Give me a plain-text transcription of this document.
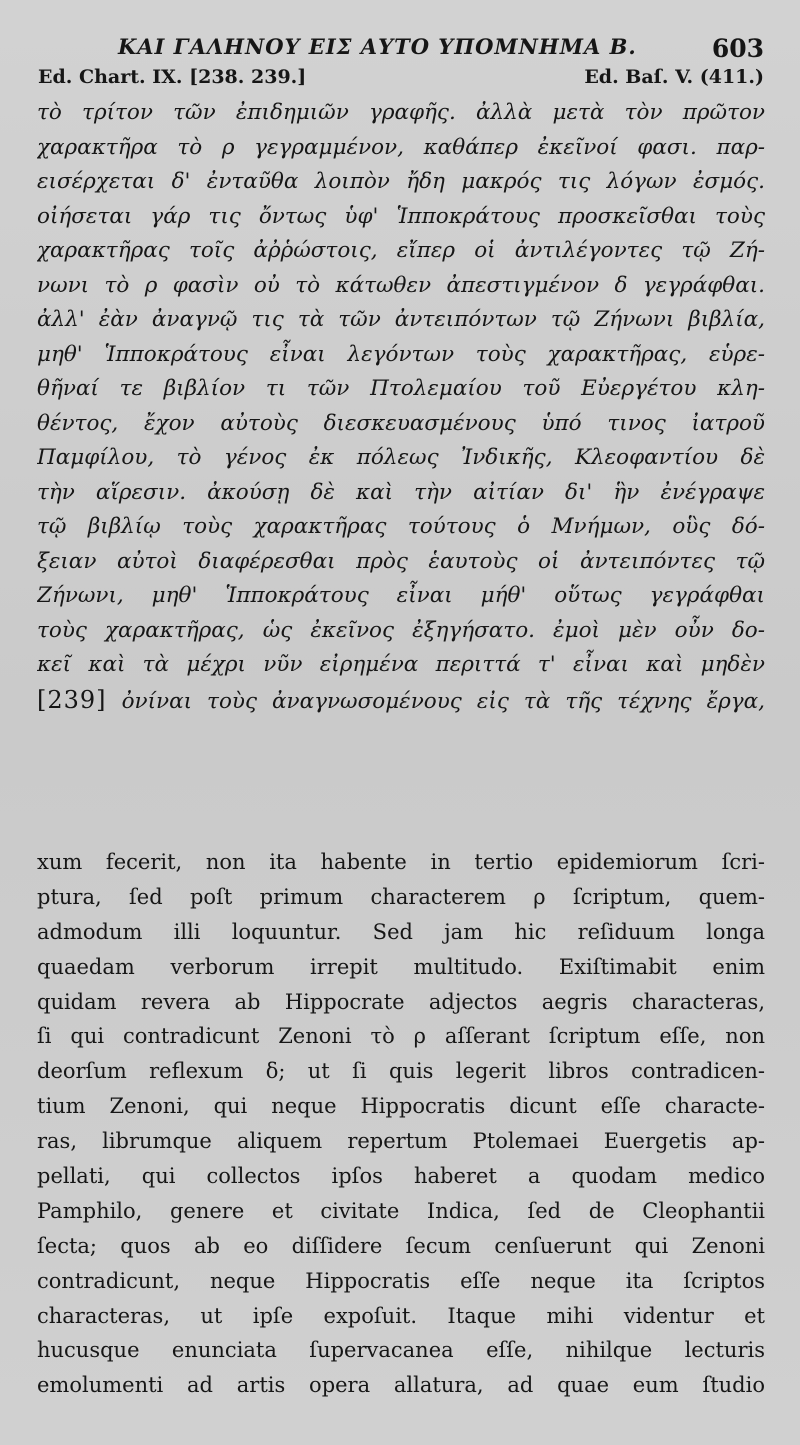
ΚΑΙ ΓΑΛΗΝΟΥ ΕΙΣ ΑΥΤΟ ΥΠΟΜΝΗΜΑ Β.	603
Ed. Chart. IX. [238. 239.]	Ed. Baſ. V. (411.)
τὸ τρίτον τῶν ἐπιδημιῶν γραφῆς. ἀλλὰ μετὰ τὸν πρῶτον
χαρακτῆρα τὸ ρ γεγραμμένον, καθάπερ ἐκεῖνοί φασι. παρ-
εισέρχεται δ' ἐνταῦθα λοιπὸν ἤδη μακρός τις λόγων ἐσμός.
οἰήσεται γάρ τις ὄντως ὑφ' Ἱπποκράτους προσκεῖσθαι τοὺς
χαρακτῆρας τοῖς ἀῤῥώστοις, εἴπερ οἱ ἀντιλέγοντες τῷ Ζή-
νωνι τὸ ρ φασὶν οὐ τὸ κάτωθεν ἀπεστιγμένον δ γεγράφθαι.
ἀλλ' ἐὰν ἀναγνῷ τις τὰ τῶν ἀντειπόντων τῷ Ζήνωνι βιβλία,
μηθ' Ἱπποκράτους εἶναι λεγόντων τοὺς χαρακτῆρας, εὑρε-
θῆναί τε βιβλίον τι τῶν Πτολεμαίου τοῦ Εὐεργέτου κλη-
θέντος, ἔχον αὐτοὺς διεσκευασμένους ὑπό τινος ἰατροῦ
Παμφίλου, τὸ γένος ἐκ πόλεως Ἰνδικῆς, Κλεοφαντίου δὲ
τὴν αἵρεσιν. ἀκούσῃ δὲ καὶ τὴν αἰτίαν δι' ἣν ἐνέγραψε
τῷ βιβλίῳ τοὺς χαρακτῆρας τούτους ὁ Μνήμων, οὓς δό-
ξειαν αὐτοὶ διαφέρεσθαι πρὸς ἑαυτοὺς οἱ ἀντειπόντες τῷ
Ζήνωνι, μηθ' Ἱπποκράτους εἶναι μήθ' οὕτως γεγράφθαι
τοὺς χαρακτῆρας, ὡς ἐκεῖνος ἐξηγήσατο. ἐμοὶ μὲν οὖν δο-
κεῖ καὶ τὰ μέχρι νῦν εἰρημένα περιττά τ' εἶναι καὶ μηδὲν
[239] ὀνίναι τοὺς ἀναγνωσομένους εἰς τὰ τῆς τέχνης ἔργα,
xum fecerit, non ita habente in tertio epidemiorum ſcri-
ptura, ſed poſt primum characterem ρ ſcriptum, quem-
admodum illi loquuntur. Sed jam hic reſiduum longa
quaedam verborum irrepit multitudo. Exiſtimabit enim
quidam revera ab Hippocrate adjectos aegris characteras,
ſi qui contradicunt Zenoni τὸ ρ aſſerant ſcriptum eſſe, non
deorſum reflexum δ; ut ſi quis legerit libros contradicen-
tium Zenoni, qui neque Hippocratis dicunt eſſe characte-
ras, librumque aliquem repertum Ptolemaei Euergetis ap-
pellati, qui collectos ipſos haberet a quodam medico
Pamphilo, genere et civitate Indica, ſed de Cleophantii
ſecta; quos ab eo diſſidere ſecum cenſuerunt qui Zenoni
contradicunt, neque Hippocratis eſſe neque ita ſcriptos
characteras, ut ipſe expoſuit. Itaque mihi videntur et
hucusque enunciata ſupervacanea eſſe, nihilque lecturis
emolumenti ad artis opera allatura, ad quae eum ſtudio
